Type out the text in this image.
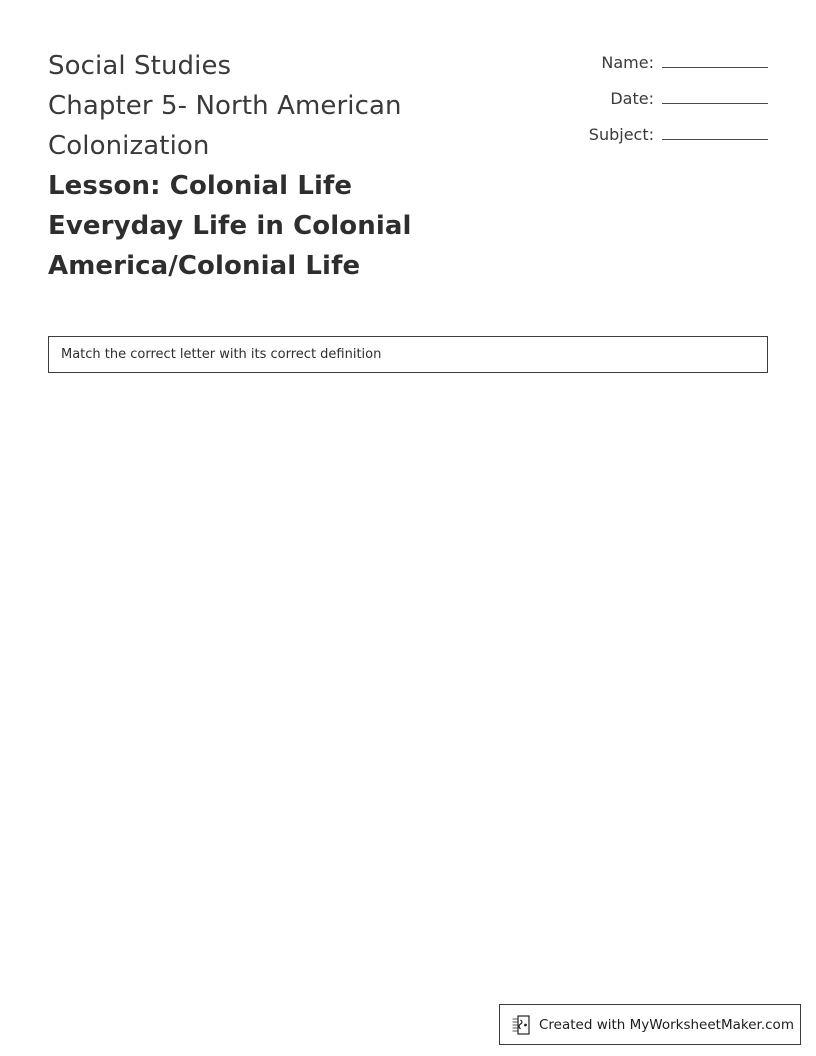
Social Studies
Chapter 5- North American
Colonization
Lesson: Colonial Life
Everyday Life in Colonial
America/Colonial Life
Name:
Date:
Subject:
Match the correct letter with its correct definition
Created with MyWorksheetMaker.com
